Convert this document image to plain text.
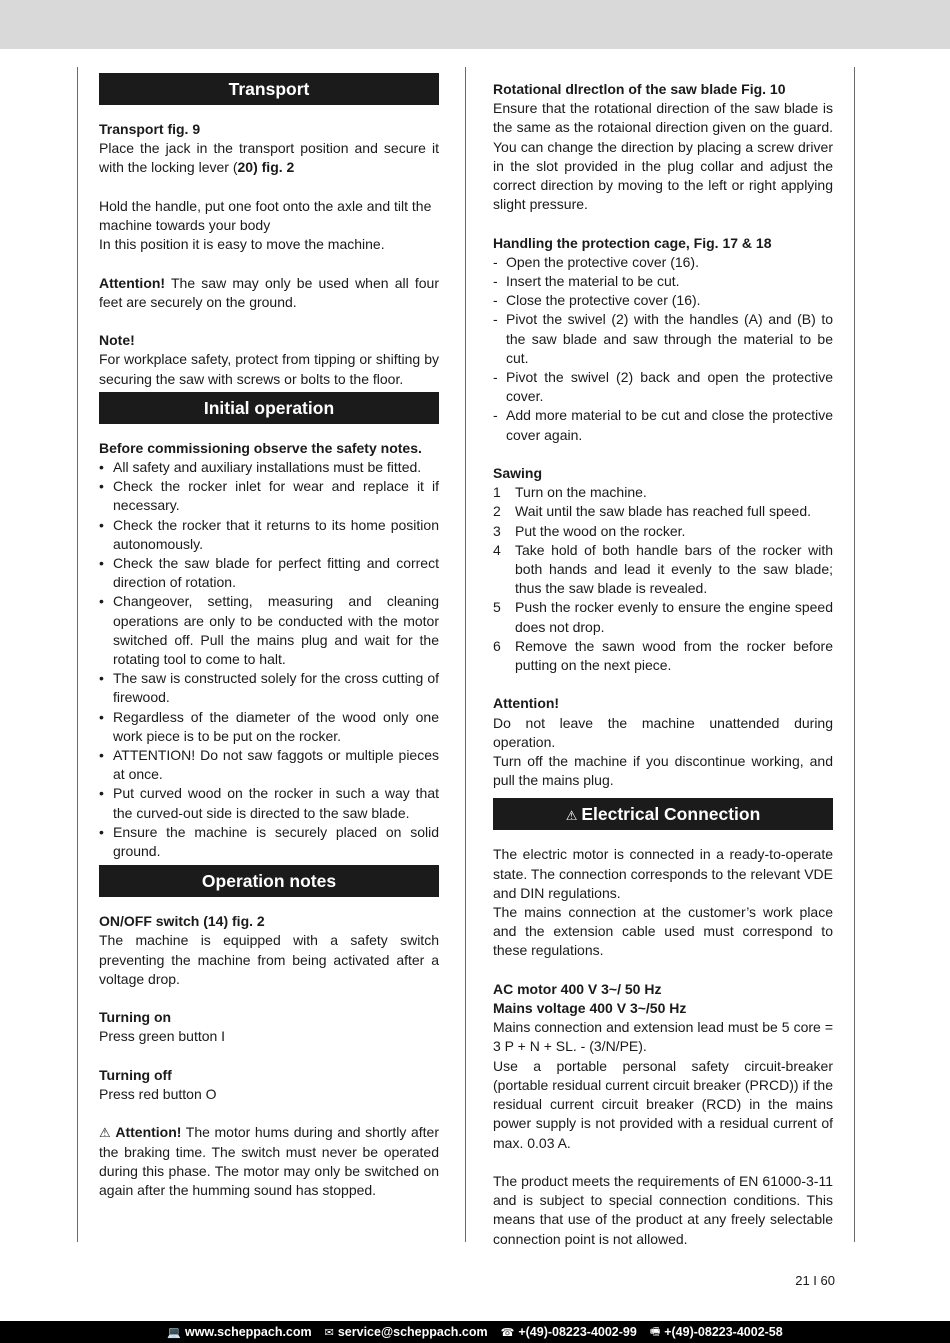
Transport

Transport fig. 9

Place the jack in the transport position and secure it with the locking lever (20) fig. 2

Hold the handle, put one foot onto the axle and tilt the machine towards your body

In this position it is easy to move the machine.

Attention! The saw may only be used when all four feet are securely on the ground.

Note!

For workplace safety, protect from tipping or shifting by securing the saw with screws or bolts to the floor.

Initial operation

Before commissioning observe the safety notes.

• All safety and auxiliary installations must be fitted.
• Check the rocker inlet for wear and replace it if necessary.
• Check the rocker that it returns to its home position autonomously.
• Check the saw blade for perfect fitting and correct direction of rotation.
• Changeover, setting, measuring and cleaning operations are only to be conducted with the motor switched off. Pull the mains plug and wait for the rotating tool to come to halt.
• The saw is constructed solely for the cross cutting of firewood.
• Regardless of the diameter of the wood only one work piece is to be put on the rocker.
• ATTENTION! Do not saw faggots or multiple pieces at once.
• Put curved wood on the rocker in such a way that the curved-out side is directed to the saw blade.
• Ensure the machine is securely placed on solid ground.
Operation notes

ON/OFF switch (14) fig. 2

The machine is equipped with a safety switch preventing the machine from being activated after a voltage drop.

Turning on

Press green button I

Turning off

Press red button O

⚠ Attention! The motor hums during and shortly after the braking time. The switch must never be operated during this phase. The motor may only be switched on again after the humming sound has stopped.

Rotational dlrectlon of the saw blade Fig. 10

Ensure that the rotational direction of the saw blade is the same as the rotaional direction given on the guard. You can change the direction by placing a screw driver in the slot provided in the plug collar and adjust the correct direction by moving to the left or right applying slight pressure.

Handling the protection cage, Fig. 17 & 18

- Open the protective cover (16).
- Insert the material to be cut.
- Close the protective cover (16).
- Pivot the swivel (2) with the handles (A) and (B) to the saw blade and saw through the material to be cut.
- Pivot the swivel (2) back and open the protective cover.
- Add more material to be cut and close the protective cover again.

Sawing

1	Turn on the machine.
2	Wait until the saw blade has reached full speed.
3	Put the wood on the rocker.
4	Take hold of both handle bars of the rocker with both hands and lead it evenly to the saw blade; thus the saw blade is revealed.
5	Push the rocker evenly to ensure the engine speed does not drop.
6	Remove the sawn wood from the rocker before putting on the next piece.

Attention!

Do not leave the machine unattended during operation.

Turn off the machine if you discontinue working, and pull the mains plug.

⚠ Electrical Connection

The electric motor is connected in a ready-to-operate state. The connection corresponds to the relevant VDE and DIN regulations.

The mains connection at the customer’s work place and the extension cable used must correspond to these regulations.

AC motor 400 V 3~/ 50 Hz

Mains voltage 400 V 3~/50 Hz

Mains connection and extension lead must be 5 core = 3 P + N + SL. - (3/N/PE).

Use a portable personal safety circuit-breaker (portable residual current circuit breaker (PRCD)) if the residual current circuit breaker (RCD) in the mains power supply is not provided with a residual current of max. 0.03 A.

The product meets the requirements of EN 61000-3-11 and is subject to special connection conditions. This means that use of the product at any freely selectable connection point is not allowed.

21 I 60
💻 www.scheppach.com ✉ service@scheppach.com ☎ +(49)-08223-4002-99 🖷 +(49)-08223-4002-58
